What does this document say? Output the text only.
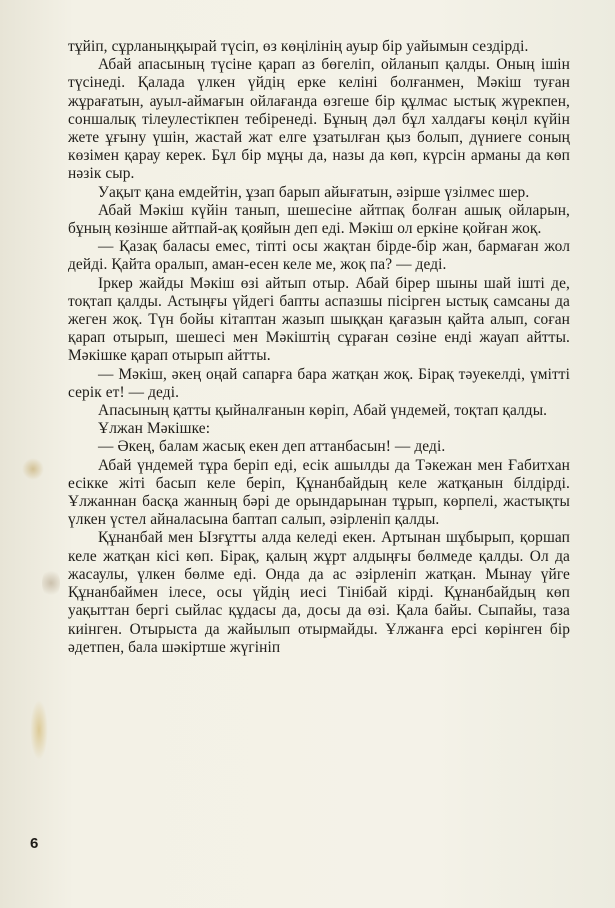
тұйіп, сұрланыңқырай түсіп, өз көңілінің ауыр бір уайымын сездірді.

Абай апасының түсіне қарап аз бөгеліп, ойланып қалды. Оның ішін түсінеді. Қалада үлкен үйдің ерке келіні болғанмен, Мәкіш туған жұрағатын, ауыл-аймағын ойлағанда өзгеше бір құлмас ыстық жүрекпен, соншалық тілеулестікпен тебіренеді. Бұның дәл бұл халдағы көңіл күйін жете ұғыну үшін, жастай жат елге ұзатылған қыз болып, дүниеге соның көзімен қарау керек. Бұл бір мұңы да, назы да көп, күрсін арманы да көп нәзік сыр.

Уақыт қана емдейтін, ұзап барып айығатын, әзірше үзілмес шер.

Абай Мәкіш күйін танып, шешесіне айтпақ болған ашық ойларын, бұның көзінше айтпай-ақ қояйын деп еді. Мәкіш ол еркіне қойған жоқ.

— Қазақ баласы емес, тіпті осы жақтан бірде-бір жан, бармаған жол дейді. Қайта оралып, аман-есен келе ме, жоқ па? — деді.

Іркер жайды Мәкіш өзі айтып отыр. Абай бірер шыны шай ішті де, тоқтап қалды. Астыңғы үйдегі бапты аспазшы пісірген ыстық самсаны да жеген жоқ. Түн бойы кітаптан жазып шыққан қағазын қайта алып, соған қарап отырып, шешесі мен Мәкіштің сұраған сөзіне енді жауап айтты. Мәкішке қарап отырып айтты.

— Мәкіш, әкең оңай сапарға бара жатқан жоқ. Бірақ тәуекелді, үмітті серік ет! — деді.

Апасының қатты қыйналғанын көріп, Абай үндемей, тоқтап қалды.

Ұлжан Мәкішке:

— Әкең, балам жасық екен деп аттанбасын! — деді.

Абай үндемей тұра беріп еді, есік ашылды да Тәкежан мен Ғабитхан есікке жіті басып келе беріп, Құнанбайдың келе жатқанын білдірді. Ұлжаннан басқа жанның бәрі де орындарынан тұрып, көрпелі, жастықты үлкен үстел айналасына баптап салып, әзірленіп қалды.

Құнанбай мен Ызғұтты алда келеді екен. Артынан шұбырып, қоршап келе жатқан кісі көп. Бірақ, қалың жұрт алдыңғы бөлмеде қалды. Ол да жасаулы, үлкен бөлме еді. Онда да ас әзірленіп жатқан. Мынау үйге Құнанбаймен ілесе, осы үйдің иесі Тінібай кірді. Құнанбайдың көп уақыттан бергі сыйлас құдасы да, досы да өзі. Қала байы. Сыпайы, таза киінген. Отырыста да жайылып отырмайды. Ұлжанға ерсі көрінген бір әдетпен, бала шәкіртше жүгініп

6
